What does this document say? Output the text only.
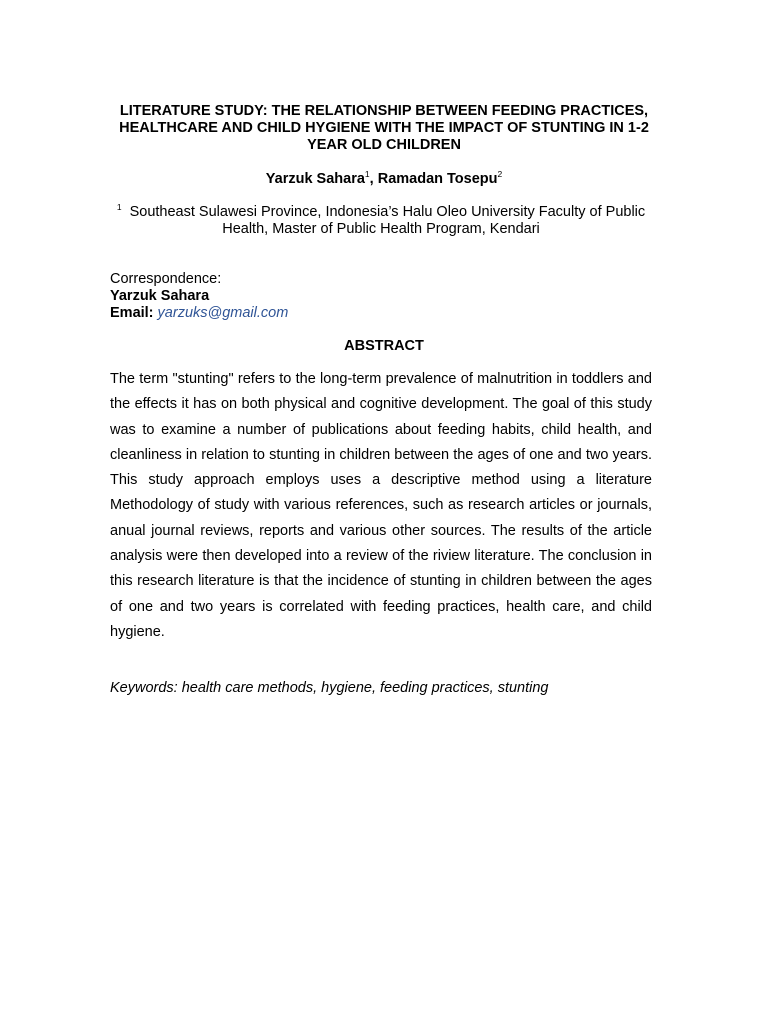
LITERATURE STUDY: THE RELATIONSHIP BETWEEN FEEDING PRACTICES, HEALTHCARE AND CHILD HYGIENE WITH THE IMPACT OF STUNTING IN 1-2 YEAR OLD CHILDREN
Yarzuk Sahara$^1$, Ramadan Tosepu$^2$
$^1$ Southeast Sulawesi Province, Indonesia’s Halu Oleo University Faculty of Public Health, Master of Public Health Program, Kendari
Correspondence:
Yarzuk Sahara
Email: yarzuks@gmail.com
ABSTRACT

The term "stunting" refers to the long-term prevalence of malnutrition in toddlers and the effects it has on both physical and cognitive development. The goal of this study was to examine a number of publications about feeding habits, child health, and cleanliness in relation to stunting in children between the ages of one and two years. This study approach employs uses a descriptive method using a literature Methodology of study with various references, such as research articles or journals, anual journal reviews, reports and various other sources. The results of the article analysis were then developed into a review of the riview literature. The conclusion in this research literature is that the incidence of stunting in children between the ages of one and two years is correlated with feeding practices, health care, and child hygiene.

Keywords: health care methods, hygiene, feeding practices, stunting
